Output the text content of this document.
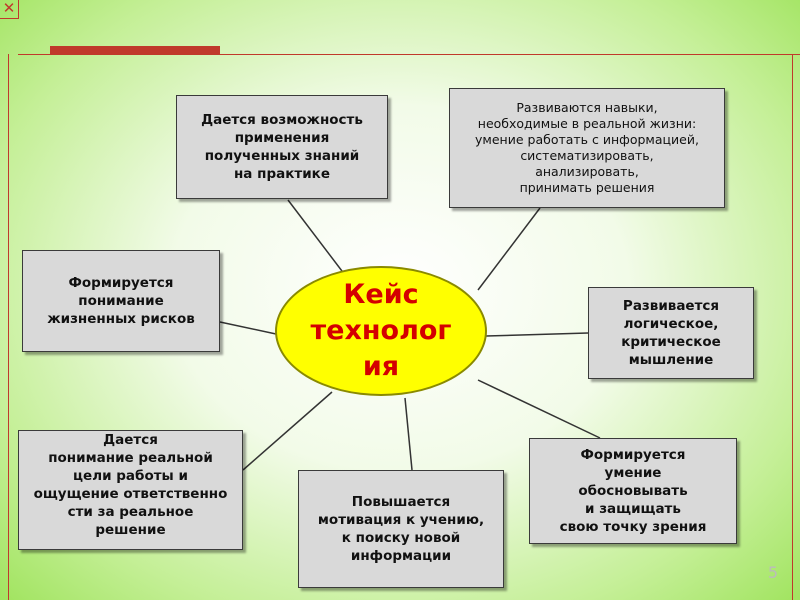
✕
Дается возможность
применения
полученных знаний
на практике
Развиваются навыки,
необходимые в реальной жизни:
умение работать с информацией,
систематизировать,
анализировать,
принимать решения
Формируется
понимание
жизненных рисков
Развивается
логическое,
критическое
мышление
Дается
понимание реальной
цели работы и
ощущение ответственно
сти за реальное
решение
Повышается
мотивация к учению,
к поиску новой
информации
Формируется
умение
обосновывать
и защищать
свою точку зрения
Кейс
технолог
ия
5
